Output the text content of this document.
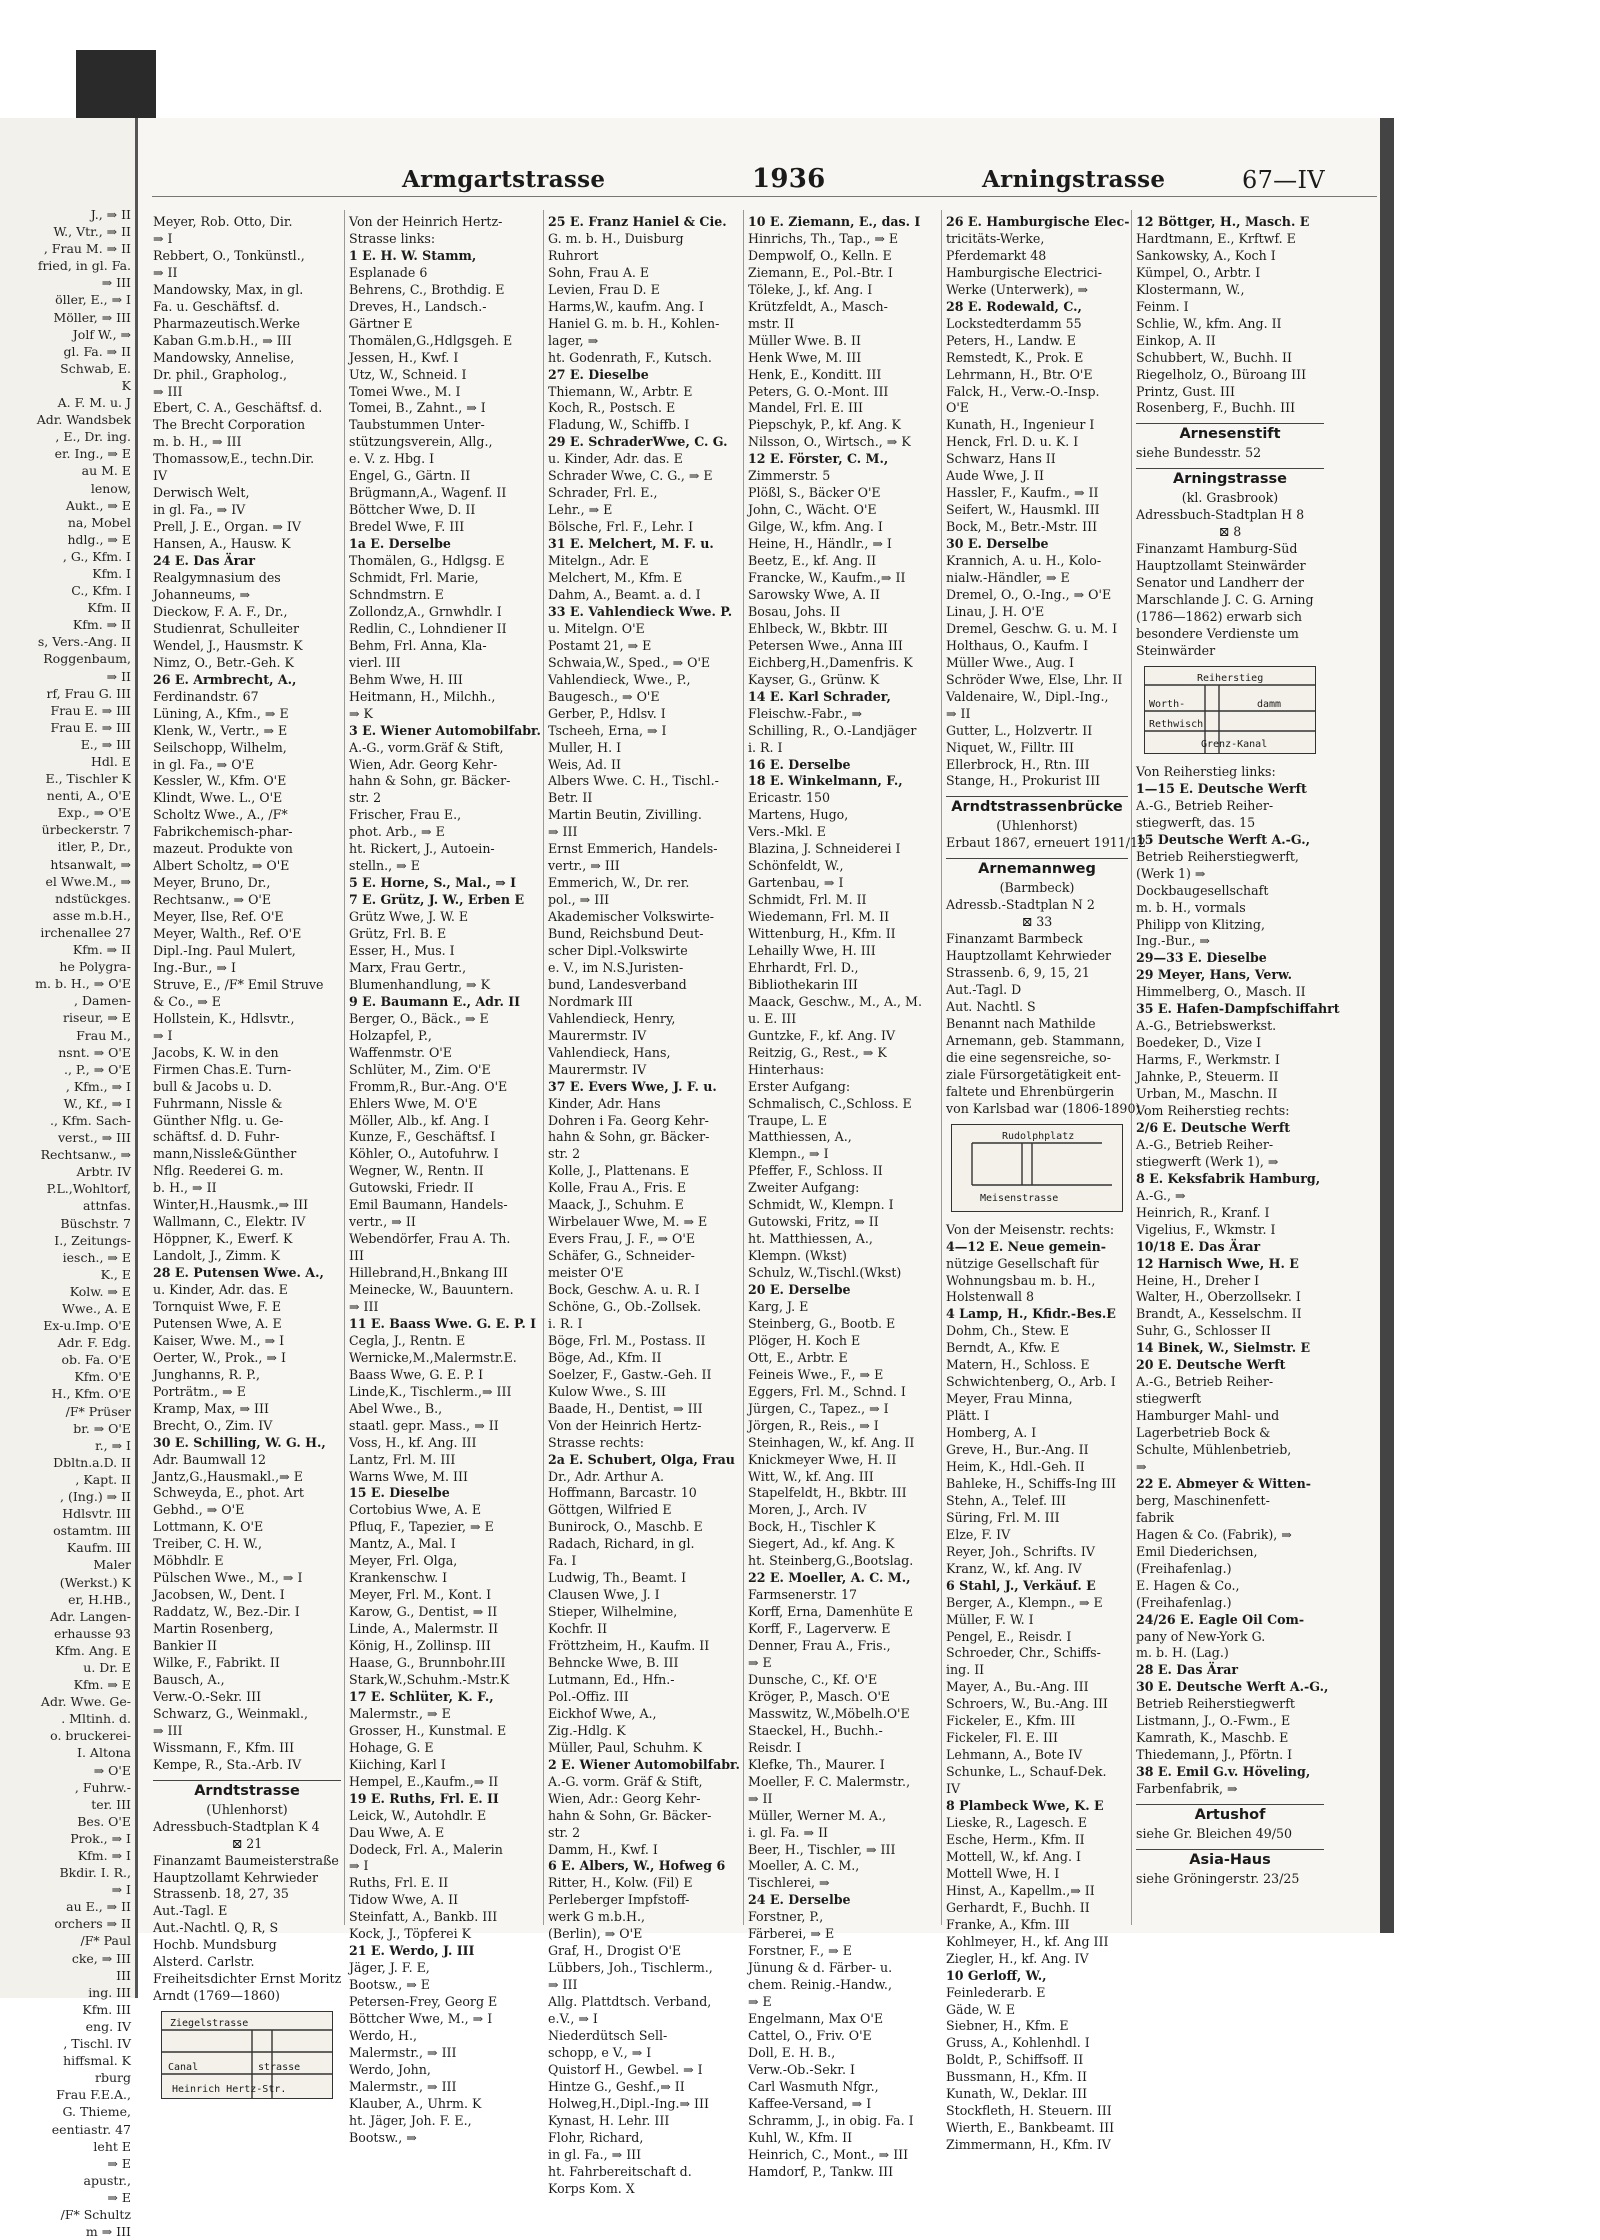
J., ⇒ II
W., Vtr., ⇒ II
, Frau M. ⇒ II
fried, in gl. Fa.
⇒ III
öller, E., ⇒ I
Möller, ⇒ III
Jolf W., ⇒
gl. Fa. ⇒ II
Schwab, E.
K
A. F. M. u. J
Adr. Wandsbek
, E., Dr. ing.
er. Ing., ⇒ E
au M. E
lenow,
Aukt., ⇒ E
na, Mobel
hdlg., ⇒ E
, G., Kfm. I
Kfm. I
C., Kfm. I
Kfm. II
Kfm. ⇒ II
s, Vers.-Ang. II
Roggenbaum,
⇒ II
rf, Frau G. III
Frau E. ⇒ III
Frau E. ⇒ III
E., ⇒ III
Hdl. E
E., Tischler K
nenti, A., O'E
Exp., ⇒ O'E
ürbeckerstr. 7
itler, P., Dr.,
htsanwalt, ⇒
el Wwe.M., ⇒
ndstückges.
asse m.b.H.,
irchenallee 27
Kfm. ⇒ II
he Polygra-
m. b. H., ⇒ O'E
, Damen-
riseur, ⇒ E
Frau M.,
nsnt. ⇒ O'E
., P., ⇒ O'E
, Kfm., ⇒ I
W., Kf., ⇒ I
., Kfm. Sach-
verst., ⇒ III
Rechtsanw., ⇒
Arbtr. IV
P.L.,Wohltorf,
attnfas.
Büschstr. 7
I., Zeitungs-
iesch., ⇒ E
K., E
Kolw. ⇒ E
Wwe., A. E
Ex-u.Imp. O'E
Adr. F. Edg.
ob. Fa. O'E
Kfm. O'E
H., Kfm. O'E
/F* Prüser
br. ⇒ O'E
r., ⇒ I
Dbltn.a.D. II
, Kapt. II
, (Ing.) ⇒ II
Hdlsvtr. III
ostamtm. III
Kaufm. III
Maler
(Werkst.) K
er, H.HB.,
Adr. Langen-
erhausse 93
Kfm. Ang. E
u. Dr. E
Kfm. ⇒ E
Adr. Wwe. Ge-
. Mltinh. d.
o. bruckerei-
I. Altona
⇒ O'E
, Fuhrw.-
ter. III
Bes. O'E
Prok., ⇒ I
Kfm. ⇒ I
Bkdir. I. R.,
⇒ I
au E., ⇒ II
orchers ⇒ II
/F* Paul
cke, ⇒ III
III
ing. III
Kfm. III
eng. IV
, Tischl. IV
hiffsmal. K
rburg
Frau F.E.A.,
G. Thieme,
eentiastr. 47
leht E
⇒ E
apustr.,
⇒ E
/F* Schultz
m ⇒ III
Armgartstrasse	1936	Arningstrasse	67—IV
Meyer, Rob. Otto, Dir.
⇒ I
Rebbert, O., Tonkünstl.,
⇒ II
Mandowsky, Max, in gl.
Fa. u. Geschäftsf. d.
Pharmazeutisch.Werke
Kaban G.m.b.H., ⇒ III
Mandowsky, Annelise,
Dr. phil., Grapholog.,
⇒ III
Ebert, C. A., Geschäftsf. d.
The Brecht Corporation
m. b. H., ⇒ III
Thomassow,E., techn.Dir.
IV
Derwisch Welt,
in gl. Fa., ⇒ IV
Prell, J. E., Organ. ⇒ IV
Hansen, A., Hausw. K
24 E. Das Ärar
Realgymnasium des
Johanneums, ⇒
Dieckow, F. A. F., Dr.,
Studienrat, Schulleiter
Wendel, J., Hausmstr. K
Nimz, O., Betr.-Geh. K
26 E. Armbrecht, A.,
Ferdinandstr. 67
Lüning, A., Kfm., ⇒ E
Klenk, W., Vertr., ⇒ E
Seilschopp, Wilhelm,
in gl. Fa., ⇒ O'E
Kessler, W., Kfm. O'E
Klindt, Wwe. L., O'E
Scholtz Wwe., A., /F*
Fabrikchemisch-phar-
mazeut. Produkte von
Albert Scholtz, ⇒ O'E
Meyer, Bruno, Dr.,
Rechtsanw., ⇒ O'E
Meyer, Ilse, Ref. O'E
Meyer, Walth., Ref. O'E
Dipl.-Ing. Paul Mulert,
Ing.-Bur., ⇒ I
Struve, E., /F* Emil Struve
& Co., ⇒ E
Hollstein, K., Hdlsvtr.,
⇒ I
Jacobs, K. W. in den
Firmen Chas.E. Turn-
bull & Jacobs u. D.
Fuhrmann, Nissle &
Günther Nflg. u. Ge-
schäftsf. d. D. Fuhr-
mann,Nissle&Günther
Nflg. Reederei G. m.
b. H., ⇒ II
Winter,H.,Hausmk.,⇒ III
Wallmann, C., Elektr. IV
Höppner, K., Ewerf. K
Landolt, J., Zimm. K
28 E. Putensen Wwe. A.,
u. Kinder, Adr. das. E
Tornquist Wwe, F. E
Putensen Wwe, A. E
Kaiser, Wwe. M., ⇒ I
Oerter, W., Prok., ⇒ I
Junghanns, R. P.,
Porträtm., ⇒ E
Kramp, Max, ⇒ III
Brecht, O., Zim. IV
30 E. Schilling, W. G. H.,
Adr. Baumwall 12
Jantz,G.,Hausmakl.,⇒ E
Schweyda, E., phot. Art
Gebhd., ⇒ O'E
Lottmann, K. O'E
Treiber, C. H. W.,
Möbhdlr. E
Pülschen Wwe., M., ⇒ I
Jacobsen, W., Dent. I
Raddatz, W., Bez.-Dir. I
Martin Rosenberg,
Bankier II
Wilke, F., Fabrikt. II
Bausch, A.,
Verw.-O.-Sekr. III
Schwarz, G., Weinmakl.,
⇒ III
Wissmann, F., Kfm. III
Kempe, R., Sta.-Arb. IV
Arndtstrasse
(Uhlenhorst)
Adressbuch-Stadtplan K 4
⊠ 21
Finanzamt Baumeisterstraße
Hauptzollamt Kehrwieder
Strassenb. 18, 27, 35
Aut.-Tagl. E
Aut.-Nachtl. Q, R, S
Hochb. Mundsburg
Alsterd. Carlstr.
Freiheitsdichter Ernst Moritz
Arndt (1769—1860)
Ziegelstrasse
Canal	strasse
Heinrich Hertz-Str.
Von der Heinrich Hertz-
Strasse links:
1 E. H. W. Stamm,
Esplanade 6
Behrens, C., Brothdig. E
Dreves, H., Landsch.-
Gärtner E
Thomälen,G.,Hdlgsgeh. E
Jessen, H., Kwf. I
Utz, W., Schneid. I
Tomei Wwe., M. I
Tomei, B., Zahnt., ⇒ I
Taubstummen Unter-
stützungsverein, Allg.,
e. V. z. Hbg. I
Engel, G., Gärtn. II
Brügmann,A., Wagenf. II
Böttcher Wwe, D. II
Bredel Wwe, F. III
1a E. Derselbe
Thomälen, G., Hdlgsg. E
Schmidt, Frl. Marie,
Schndmstrn. E
Zollondz,A., Grnwhdlr. I
Redlin, C., Lohndiener II
Behm, Frl. Anna, Kla-
vierl. III
Behm Wwe, H. III
Heitmann, H., Milchh.,
⇒ K
3 E. Wiener Automobilfabr.
A.-G., vorm.Gräf & Stift,
Wien, Adr. Georg Kehr-
hahn & Sohn, gr. Bäcker-
str. 2
Frischer, Frau E.,
phot. Arb., ⇒ E
ht. Rickert, J., Autoein-
stelln., ⇒ E
5 E. Horne, S., Mal., ⇒ I
7 E. Grütz, J. W., Erben E
Grütz Wwe, J. W. E
Grütz, Frl. B. E
Esser, H., Mus. I
Marx, Frau Gertr.,
Blumenhandlung, ⇒ K
9 E. Baumann E., Adr. II
Berger, O., Bäck., ⇒ E
Holzapfel, P.,
Waffenmstr. O'E
Schlüter, M., Zim. O'E
Fromm,R., Bur.-Ang. O'E
Ehlers Wwe, M. O'E
Möller, Alb., kf. Ang. I
Kunze, F., Geschäftsf. I
Köhler, O., Autofuhrw. I
Wegner, W., Rentn. II
Gutowski, Friedr. II
Emil Baumann, Handels-
vertr., ⇒ II
Webendörfer, Frau A. Th.
III
Hillebrand,H.,Bnkang III
Meinecke, W., Bauuntern.
⇒ III
11 E. Baass Wwe. G. E. P. I
Cegla, J., Rentn. E
Wernicke,M.,Malermstr.E.
Baass Wwe, G. E. P. I
Linde,K., Tischlerm.,⇒ III
Abel Wwe., B.,
staatl. gepr. Mass., ⇒ II
Voss, H., kf. Ang. III
Lantz, Frl. M. III
Warns Wwe, M. III
15 E. Dieselbe
Cortobius Wwe, A. E
Pfluq, F., Tapezier, ⇒ E
Mantz, A., Mal. I
Meyer, Frl. Olga,
Krankenschw. I
Meyer, Frl. M., Kont. I
Karow, G., Dentist, ⇒ II
Linde, A., Malermstr. II
König, H., Zollinsp. III
Haase, G., Brunnbohr.III
Stark,W.,Schuhm.-Mstr.K
17 E. Schlüter, K. F.,
Malermstr., ⇒ E
Grosser, H., Kunstmal. E
Hohage, G. E
Kiiching, Karl I
Hempel, E.,Kaufm.,⇒ II
19 E. Ruths, Frl. E. II
Leick, W., Autohdlr. E
Dau Wwe, A. E
Dodeck, Frl. A., Malerin
⇒ I
Ruths, Frl. E. II
Tidow Wwe, A. II
Steinfatt, A., Bankb. III
Kock, J., Töpferei K
21 E. Werdo, J. III
Jäger, J. F. E,
Bootsw., ⇒ E
Petersen-Frey, Georg E
Böttcher Wwe, M., ⇒ I
Werdo, H.,
Malermstr., ⇒ III
Werdo, John,
Malermstr., ⇒ III
Klauber, A., Uhrm. K
ht. Jäger, Joh. F. E.,
Bootsw., ⇒
25 E. Franz Haniel & Cie.
G. m. b. H., Duisburg
Ruhrort
Sohn, Frau A. E
Levien, Frau D. E
Harms,W., kaufm. Ang. I
Haniel G. m. b. H., Kohlen-
lager, ⇒
ht. Godenrath, F., Kutsch.
27 E. Dieselbe
Thiemann, W., Arbtr. E
Koch, R., Postsch. E
Fladung, W., Schiffb. I
29 E. SchraderWwe, C. G.
u. Kinder, Adr. das. E
Schrader Wwe, C. G., ⇒ E
Schrader, Frl. E.,
Lehr., ⇒ E
Bölsche, Frl. F., Lehr. I
31 E. Melchert, M. F. u.
Mitelgn., Adr. E
Melchert, M., Kfm. E
Dahm, A., Beamt. a. d. I
33 E. Vahlendieck Wwe. P.
u. Mitelgn. O'E
Postamt 21, ⇒ E
Schwaia,W., Sped., ⇒ O'E
Vahlendieck, Wwe., P.,
Baugesch., ⇒ O'E
Gerber, P., Hdlsv. I
Tscheeh, Erna, ⇒ I
Muller, H. I
Weis, Ad. II
Albers Wwe. C. H., Tischl.-
Betr. II
Martin Beutin, Zivilling.
⇒ III
Ernst Emmerich, Handels-
vertr., ⇒ III
Emmerich, W., Dr. rer.
pol., ⇒ III
Akademischer Volkswirte-
Bund, Reichsbund Deut-
scher Dipl.-Volkswirte
e. V., im N.S.Juristen-
bund, Landesverband
Nordmark III
Vahlendieck, Henry,
Maurermstr. IV
Vahlendieck, Hans,
Maurermstr. IV
37 E. Evers Wwe, J. F. u.
Kinder, Adr. Hans
Dohren i Fa. Georg Kehr-
hahn & Sohn, gr. Bäcker-
str. 2
Kolle, J., Plattenans. E
Kolle, Frau A., Fris. E
Maack, J., Schuhm. E
Wirbelauer Wwe, M. ⇒ E
Evers Frau, J. F., ⇒ O'E
Schäfer, G., Schneider-
meister O'E
Bock, Geschw. A. u. R. I
Schöne, G., Ob.-Zollsek.
i. R. I
Böge, Frl. M., Postass. II
Böge, Ad., Kfm. II
Soelzer, F., Gastw.-Geh. II
Kulow Wwe., S. III
Baade, H., Dentist, ⇒ III
Von der Heinrich Hertz-
Strasse rechts:
2a E. Schubert, Olga, Frau
Dr., Adr. Arthur A.
Hoffmann, Barcastr. 10
Göttgen, Wilfried E
Bunirock, O., Maschb. E
Radach, Richard, in gl.
Fa. I
Ludwig, Th., Beamt. I
Clausen Wwe, J. I
Stieper, Wilhelmine,
Kochfr. II
Fröttzheim, H., Kaufm. II
Behncke Wwe, B. III
Lutmann, Ed., Hfn.-
Pol.-Offiz. III
Eickhof Wwe, A.,
Zig.-Hdlg. K
Müller, Paul, Schuhm. K
2 E. Wiener Automobilfabr.
A.-G. vorm. Gräf & Stift,
Wien, Adr.: Georg Kehr-
hahn & Sohn, Gr. Bäcker-
str. 2
Damm, H., Kwf. I
6 E. Albers, W., Hofweg 6
Ritter, H., Kolw. (Fil) E
Perleberger Impfstoff-
werk G m.b.H.,
(Berlin), ⇒ O'E
Graf, H., Drogist O'E
Lübbers, Joh., Tischlerm.,
⇒ III
Allg. Plattdtsch. Verband,
e.V., ⇒ I
Niederdütsch Sell-
schopp, e V., ⇒ I
Quistorf H., Gewbel. ⇒ I
Hintze G., Geshf.,⇒ II
Holweg,H.,Dipl.-Ing.⇒ III
Kynast, H. Lehr. III
Flohr, Richard,
in gl. Fa., ⇒ III
ht. Fahrbereitschaft d.
Korps Kom. X
10 E. Ziemann, E., das. I
Hinrichs, Th., Tap., ⇒ E
Dempwolf, O., Kelln. E
Ziemann, E., Pol.-Btr. I
Töleke, J., kf. Ang. I
Krützfeldt, A., Masch-
mstr. II
Müller Wwe. B. II
Henk Wwe, M. III
Henk, E., Konditt. III
Peters, G. O.-Mont. III
Mandel, Frl. E. III
Piepschyk, P., kf. Ang. K
Nilsson, O., Wirtsch., ⇒ K
12 E. Förster, C. M.,
Zimmerstr. 5
Plößl, S., Bäcker O'E
John, C., Wächt. O'E
Gilge, W., kfm. Ang. I
Heine, H., Händlr., ⇒ I
Beetz, E., kf. Ang. II
Francke, W., Kaufm.,⇒ II
Sarowsky Wwe, A. II
Bosau, Johs. II
Ehlbeck, W., Bkbtr. III
Petersen Wwe., Anna III
Eichberg,H.,Damenfris. K
Kayser, G., Grünw. K
14 E. Karl Schrader,
Fleischw.-Fabr., ⇒
Schilling, R., O.-Landjäger
i. R. I
16 E. Derselbe
18 E. Winkelmann, F.,
Ericastr. 150
Martens, Hugo,
Vers.-Mkl. E
Blazina, J. Schneiderei I
Schönfeldt, W.,
Gartenbau, ⇒ I
Schmidt, Frl. M. II
Wiedemann, Frl. M. II
Wittenburg, H., Kfm. II
Lehailly Wwe, H. III
Ehrhardt, Frl. D.,
Bibliothekarin III
Maack, Geschw., M., A., M.
u. E. III
Guntzke, F., kf. Ang. IV
Reitzig, G., Rest., ⇒ K
Hinterhaus:
Erster Aufgang:
Schmalisch, C.,Schloss. E
Traupe, L. E
Matthiessen, A.,
Klempn., ⇒ I
Pfeffer, F., Schloss. II
Zweiter Aufgang:
Schmidt, W., Klempn. I
Gutowski, Fritz, ⇒ II
ht. Matthiessen, A.,
Klempn. (Wkst)
Schulz, W.,Tischl.(Wkst)
20 E. Derselbe
Karg, J. E
Steinberg, G., Bootb. E
Plöger, H. Koch E
Ott, E., Arbtr. E
Feineis Wwe., F., ⇒ E
Eggers, Frl. M., Schnd. I
Jürgen, C., Tapez., ⇒ I
Jörgen, R., Reis., ⇒ I
Steinhagen, W., kf. Ang. II
Knickmeyer Wwe, H. II
Witt, W., kf. Ang. III
Stapelfeldt, H., Bkbtr. III
Moren, J., Arch. IV
Bock, H., Tischler K
Siegert, Ad., kf. Ang. K
ht. Steinberg,G.,Bootslag.
22 E. Moeller, A. C. M.,
Farmsenerstr. 17
Korff, Erna, Damenhüte E
Korff, F., Lagerverw. E
Denner, Frau A., Fris.,
⇒ E
Dunsche, C., Kf. O'E
Kröger, P., Masch. O'E
Masswitz, W.,Möbelh.O'E
Staeckel, H., Buchh.-
Reisdr. I
Klefke, Th., Maurer. I
Moeller, F. C. Malermstr.,
⇒ II
Müller, Werner M. A.,
i. gl. Fa. ⇒ II
Beer, H., Tischler, ⇒ III
Moeller, A. C. M.,
Tischlerei, ⇒
24 E. Derselbe
Forstner, P.,
Färberei, ⇒ E
Forstner, F., ⇒ E
Jünung & d. Färber- u.
chem. Reinig.-Handw.,
⇒ E
Engelmann, Max O'E
Cattel, O., Friv. O'E
Doll, E. H. B.,
Verw.-Ob.-Sekr. I
Carl Wasmuth Nfgr.,
Kaffee-Versand, ⇒ I
Schramm, J., in obig. Fa. I
Kuhl, W., Kfm. II
Heinrich, C., Mont., ⇒ III
Hamdorf, P., Tankw. III
26 E. Hamburgische Elec-
tricitäts-Werke,
Pferdemarkt 48
Hamburgische Electrici-
Werke (Unterwerk), ⇒
28 E. Rodewald, C.,
Lockstedterdamm 55
Peters, H., Landw. E
Remstedt, K., Prok. E
Lehrmann, H., Btr. O'E
Falck, H., Verw.-O.-Insp.
O'E
Kunath, H., Ingenieur I
Henck, Frl. D. u. K. I
Schwarz, Hans II
Aude Wwe, J. II
Hassler, F., Kaufm., ⇒ II
Seifert, W., Hausmkl. III
Bock, M., Betr.-Mstr. III
30 E. Derselbe
Krannich, A. u. H., Kolo-
nialw.-Händler, ⇒ E
Dremel, O., O.-Ing., ⇒ O'E
Linau, J. H. O'E
Dremel, Geschw. G. u. M. I
Holthaus, O., Kaufm. I
Müller Wwe., Aug. I
Schröder Wwe, Else, Lhr. II
Valdenaire, W., Dipl.-Ing.,
⇒ II
Gutter, L., Holzvertr. II
Niquet, W., Filltr. III
Ellerbrock, H., Rtn. III
Stange, H., Prokurist III
Arndtstrassenbrücke
(Uhlenhorst)
Erbaut 1867, erneuert 1911/12
Arnemannweg
(Barmbeck)
Adressb.-Stadtplan N 2
⊠ 33
Finanzamt Barmbeck
Hauptzollamt Kehrwieder
Strassenb. 6, 9, 15, 21
Aut.-Tagl. D
Aut. Nachtl. S
Benannt nach Mathilde
Arnemann, geb. Stammann,
die eine segensreiche, so-
ziale Fürsorgetätigkeit ent-
faltete und Ehrenbürgerin
von Karlsbad war (1806-1890)
Rudolphplatz
Meisenstrasse
Von der Meisenstr. rechts:
4—12 E. Neue gemein-
nützige Gesellschaft für
Wohnungsbau m. b. H.,
Holstenwall 8
4 Lamp, H., Kfidr.-Bes.E
Dohm, Ch., Stew. E
Berndt, A., Kfw. E
Matern, H., Schloss. E
Schwichtenberg, O., Arb. I
Meyer, Frau Minna,
Plätt. I
Homberg, A. I
Greve, H., Bur.-Ang. II
Heim, K., Hdl.-Geh. II
Bahleke, H., Schiffs-Ing III
Stehn, A., Telef. III
Süring, Frl. M. III
Elze, F. IV
Reyer, Joh., Schrifts. IV
Kranz, W., kf. Ang. IV
6 Stahl, J., Verkäuf. E
Berger, A., Klempn., ⇒ E
Müller, F. W. I
Pengel, E., Reisdr. I
Schroeder, Chr., Schiffs-
ing. II
Mayer, A., Bu.-Ang. III
Schroers, W., Bu.-Ang. III
Fickeler, E., Kfm. III
Fickeler, Fl. E. III
Lehmann, A., Bote IV
Schunke, L., Schauf-Dek.
IV
8 Plambeck Wwe, K. E
Lieske, R., Lagesch. E
Esche, Herm., Kfm. II
Mottell, W., kf. Ang. I
Mottell Wwe, H. I
Hinst, A., Kapellm.,⇒ II
Gerhardt, F., Buchh. II
Franke, A., Kfm. III
Kohlmeyer, H., kf. Ang III
Ziegler, H., kf. Ang. IV
10 Gerloff, W.,
Feinlederarb. E
Gäde, W. E
Siebner, H., Kfm. E
Gruss, A., Kohlenhdl. I
Boldt, P., Schiffsoff. II
Bussmann, H., Kfm. II
Kunath, W., Deklar. III
Stockfleth, H. Steuern. III
Wierth, E., Bankbeamt. III
Zimmermann, H., Kfm. IV
12 Böttger, H., Masch. E
Hardtmann, E., Krftwf. E
Sankowsky, A., Koch I
Kümpel, O., Arbtr. I
Klostermann, W.,
Feinm. I
Schlie, W., kfm. Ang. II
Einkop, A. II
Schubbert, W., Buchh. II
Riegelholz, O., Büroang III
Printz, Gust. III
Rosenberg, F., Buchh. III
Arnesenstift
siehe Bundesstr. 52
Arningstrasse
(kl. Grasbrook)
Adressbuch-Stadtplan H 8
⊠ 8
Finanzamt Hamburg-Süd
Hauptzollamt Steinwärder
Senator und Landherr der
Marschlande J. C. G. Arning
(1786—1862) erwarb sich
besondere Verdienste um
Steinwärder
Reiherstieg
Worth-	damm
Rethwisch
Grenz-Kanal
Von Reiherstieg links:
1—15 E. Deutsche Werft
A.-G., Betrieb Reiher-
stiegwerft, das. 15
15 Deutsche Werft A.-G.,
Betrieb Reiherstiegwerft,
(Werk 1) ⇒
Dockbaugesellschaft
m. b. H., vormals
Philipp von Klitzing,
Ing.-Bur., ⇒
29—33 E. Dieselbe
29 Meyer, Hans, Verw.
Himmelberg, O., Masch. II
35 E. Hafen-Dampfschiffahrt
A.-G., Betriebswerkst.
Boedeker, D., Vize I
Harms, F., Werkmstr. I
Jahnke, P., Steuerm. II
Urban, M., Maschn. II
Vom Reiherstieg rechts:
2/6 E. Deutsche Werft
A.-G., Betrieb Reiher-
stiegwerft (Werk 1), ⇒
8 E. Keksfabrik Hamburg,
A.-G., ⇒
Heinrich, R., Kranf. I
Vigelius, F., Wkmstr. I
10/18 E. Das Ärar
12 Harnisch Wwe, H. E
Heine, H., Dreher I
Walter, H., Oberzollsekr. I
Brandt, A., Kesselschm. II
Suhr, G., Schlosser II
14 Binek, W., Sielmstr. E
20 E. Deutsche Werft
A.-G., Betrieb Reiher-
stiegwerft
Hamburger Mahl- und
Lagerbetrieb Bock &
Schulte, Mühlenbetrieb,
⇒
22 E. Abmeyer & Witten-
berg, Maschinenfett-
fabrik
Hagen & Co. (Fabrik), ⇒
Emil Diederichsen,
(Freihafenlag.)
E. Hagen & Co.,
(Freihafenlag.)
24/26 E. Eagle Oil Com-
pany of New-York G.
m. b. H. (Lag.)
28 E. Das Ärar
30 E. Deutsche Werft A.-G.,
Betrieb Reiherstiegwerft
Listmann, J., O.-Fwm., E
Kamrath, K., Maschb. E
Thiedemann, J., Pförtn. I
38 E. Emil G.v. Höveling,
Farbenfabrik, ⇒
Artushof
siehe Gr. Bleichen 49/50
Asia-Haus
siehe Gröningerstr. 23/25
